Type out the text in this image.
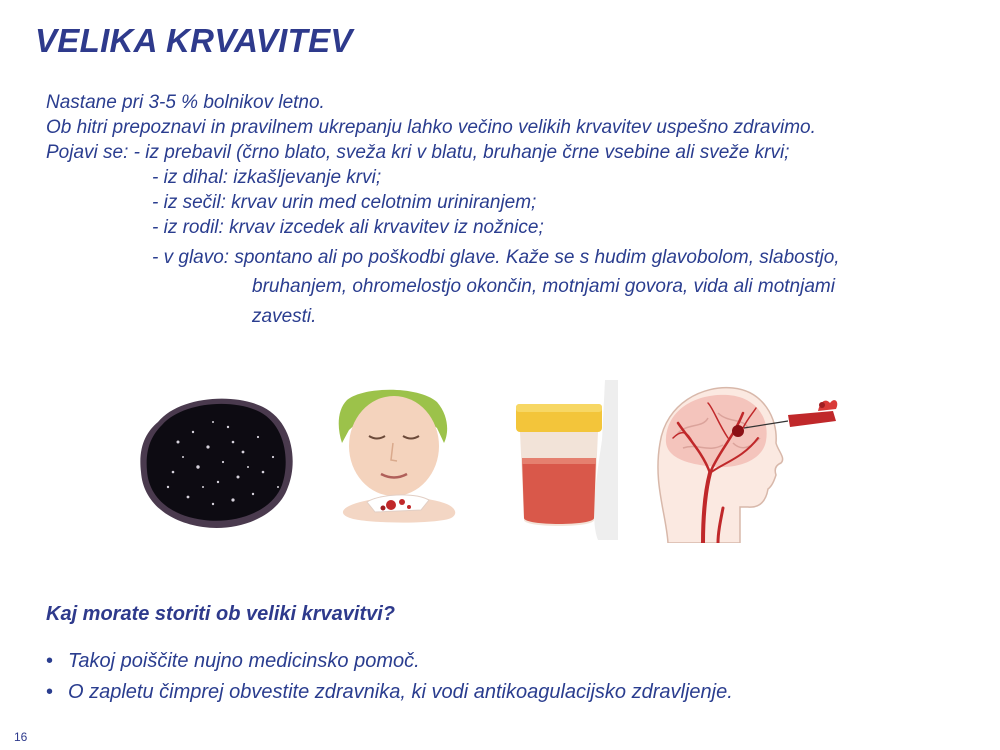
VELIKA KRVAVITEV
Nastane pri 3-5 % bolnikov letno.
Ob hitri prepoznavi in pravilnem ukrepanju lahko večino velikih krvavitev uspešno zdravimo.
Pojavi se: - iz prebavil (črno blato, sveža kri v blatu, bruhanje črne vsebine ali sveže krvi;
- iz dihal: izkašljevanje krvi;
- iz sečil: krvav urin med celotnim uriniranjem;
- iz rodil: krvav izcedek ali krvavitev iz nožnice;
- v glavo: spontano ali po poškodbi glave. Kaže se s hudim glavobolom, slabostjo,
bruhanjem, ohromelostjo okončin, motnjami govora, vida ali motnjami
zavesti.
Kaj morate storiti ob veliki krvavitvi?
• Takoj poiščite nujno medicinsko pomoč.
• O zapletu čimprej obvestite zdravnika, ki vodi antikoagulacijsko zdravljenje.
16
